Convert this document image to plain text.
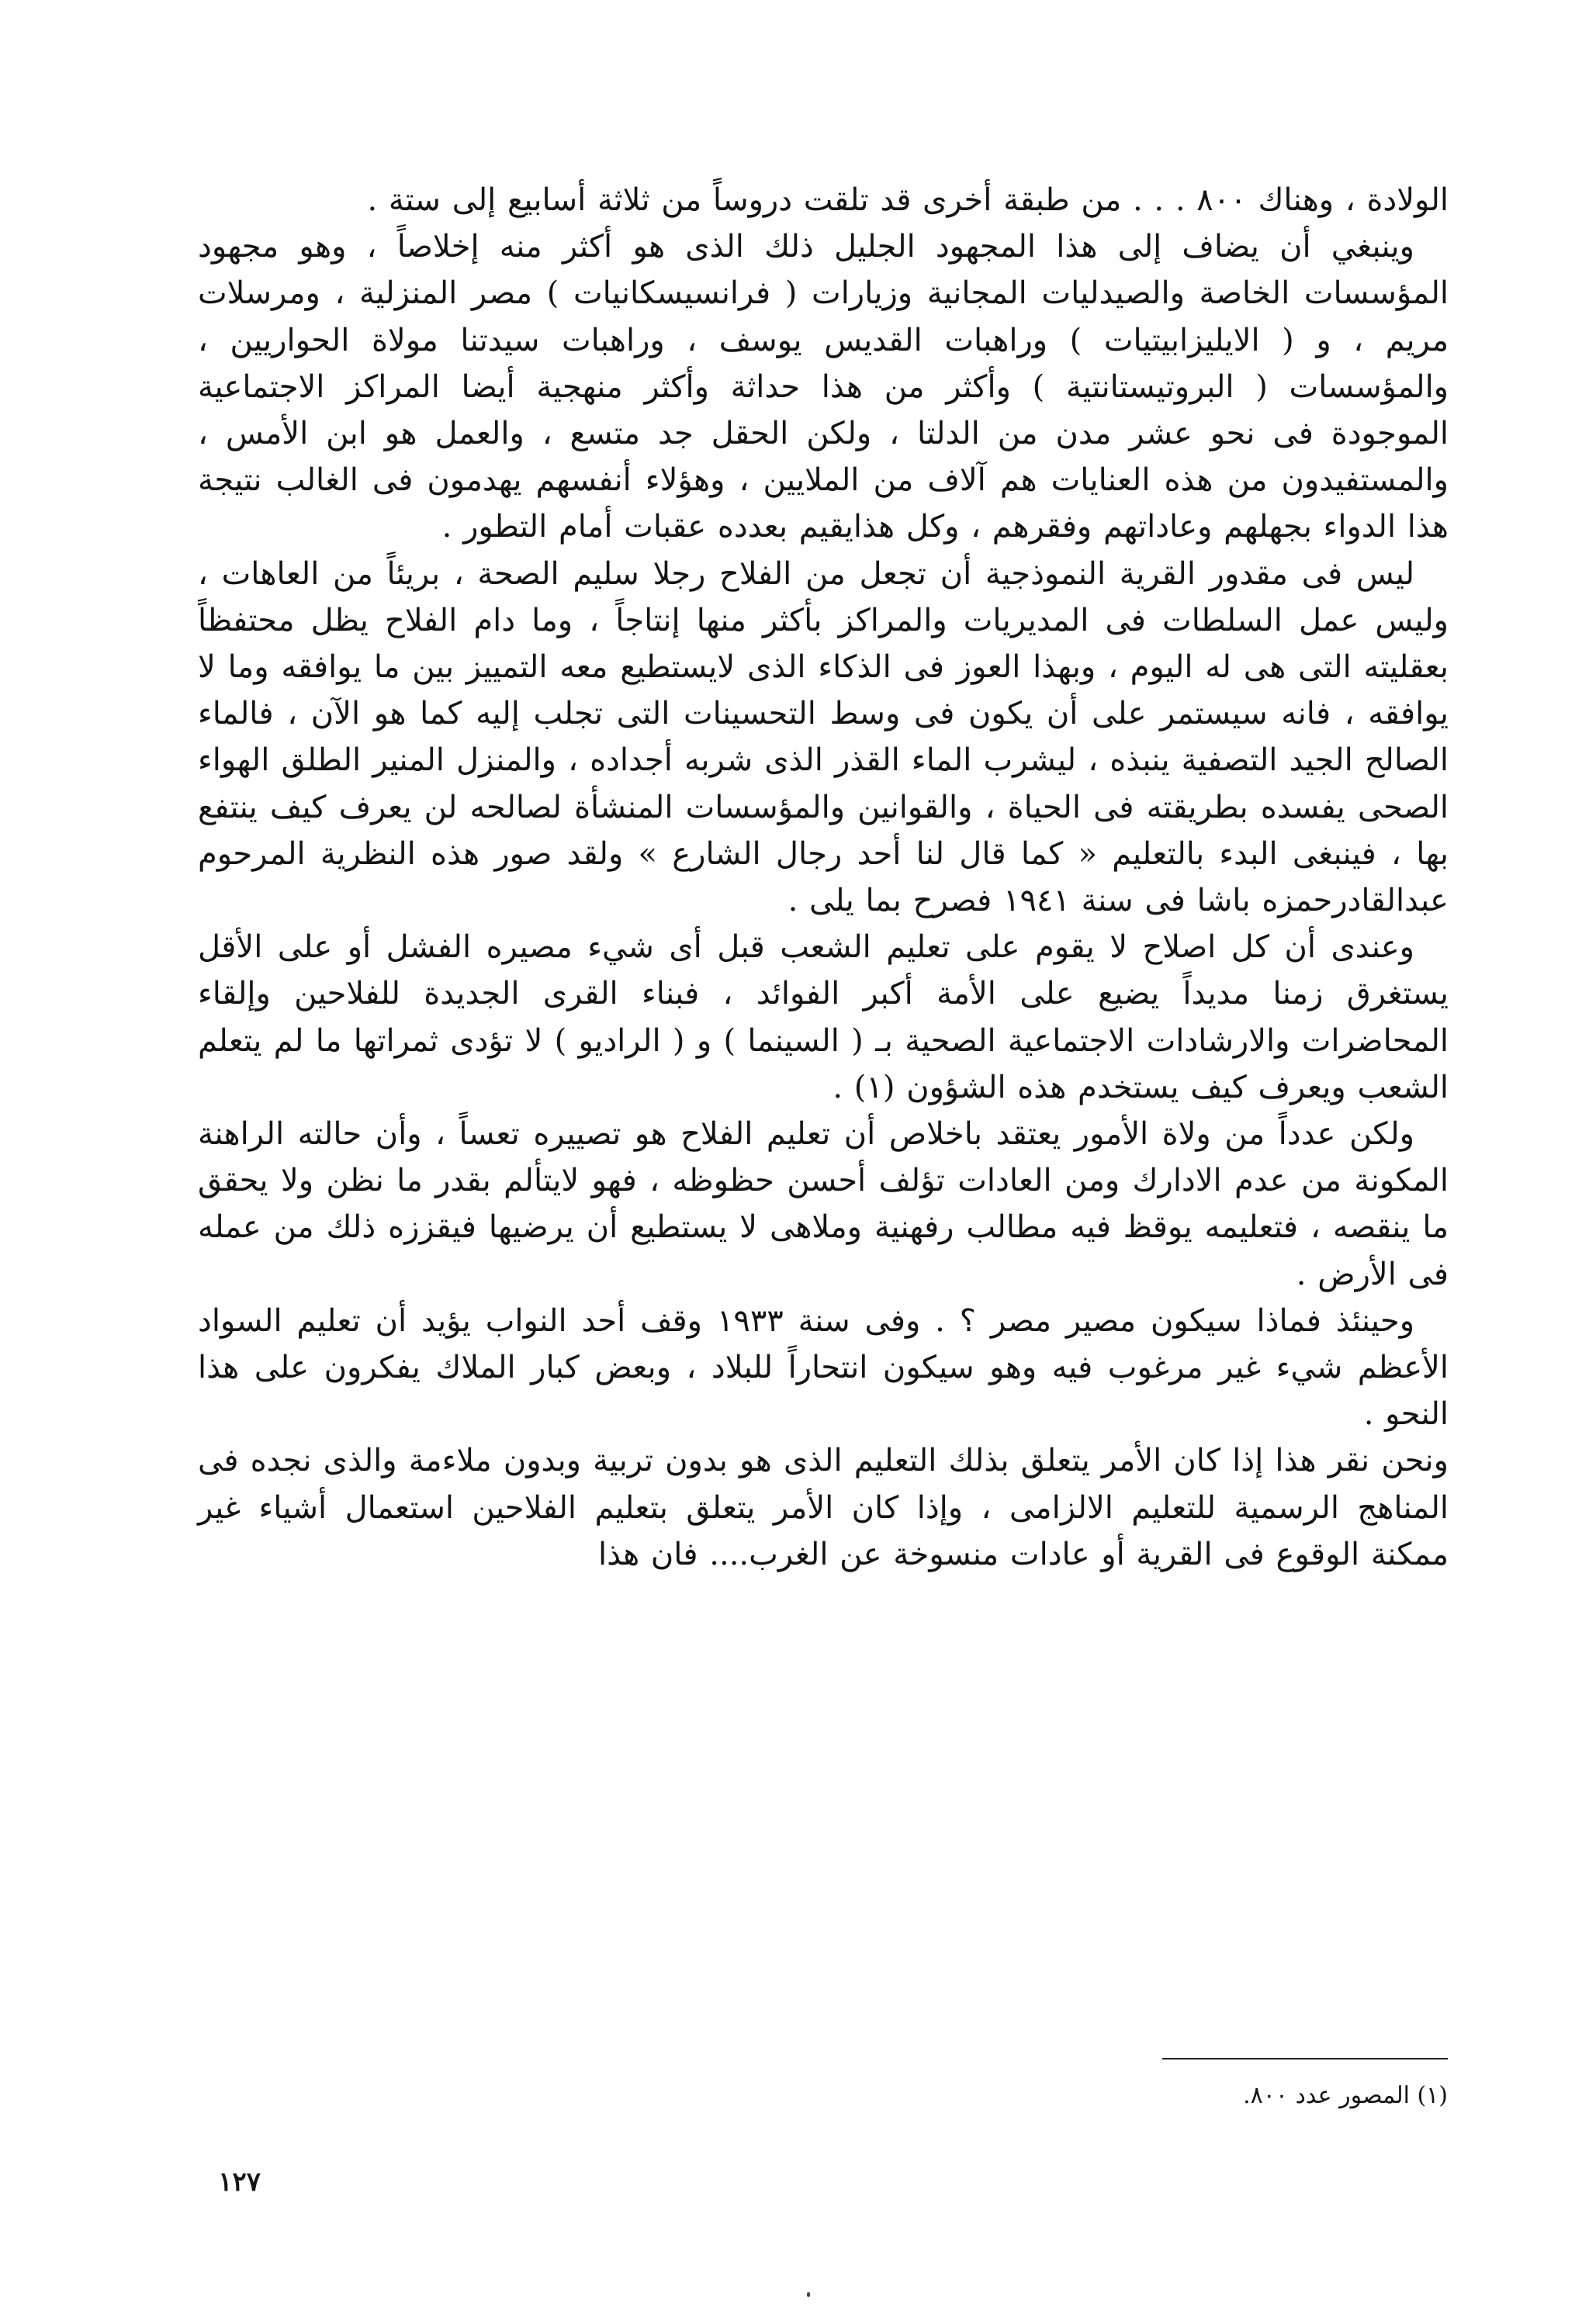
الولادة ، وهناك ۸۰۰ . . . من طبقة أخرى قد تلقت دروساً من ثلاثة أسابيع إلى ستة .

وينبغي أن يضاف إلى هذا المجهود الجليل ذلك الذى هو أكثر منه إخلاصاً ، وهو مجهود المؤسسات الخاصة والصيدليات المجانية وزيارات ( فرانسيسكانيات ) مصر المنزلية ، ومرسلات مريم ، و ( الايليزابيتيات ) وراهبات القديس يوسف ، وراهبات سيدتنا مولاة الحواريين ، والمؤسسات ( البروتيستانتية ) وأكثر من هذا حداثة وأكثر منهجية أيضا المراكز الاجتماعية الموجودة فى نحو عشر مدن من الدلتا ، ولكن الحقل جد متسع ، والعمل هو ابن الأمس ، والمستفيدون من هذه العنايات هم آلاف من الملايين ، وهؤلاء أنفسهم يهدمون فى الغالب نتيجة هذا الدواء بجهلهم وعاداتهم وفقرهم ، وكل هذايقيم بعدده عقبات أمام التطور .

ليس فى مقدور القرية النموذجية أن تجعل من الفلاح رجلا سليم الصحة ، بريئاً من العاهات ، وليس عمل السلطات فى المديريات والمراكز بأكثر منها إنتاجاً ، وما دام الفلاح يظل محتفظاً بعقليته التى هى له اليوم ، وبهذا العوز فى الذكاء الذى لايستطيع معه التمييز بين ما يوافقه وما لا يوافقه ، فانه سيستمر على أن يكون فى وسط التحسينات التى تجلب إليه كما هو الآن ، فالماء الصالح الجيد التصفية ينبذه ، ليشرب الماء القذر الذى شربه أجداده ، والمنزل المنير الطلق الهواء الصحى يفسده بطريقته فى الحياة ، والقوانين والمؤسسات المنشأة لصالحه لن يعرف كيف ينتفع بها ، فينبغى البدء بالتعليم « كما قال لنا أحد رجال الشارع » ولقد صور هذه النظرية المرحوم عبدالقادرحمزه باشا فى سنة ١٩٤١ فصرح بما يلى .

وعندى أن كل اصلاح لا يقوم على تعليم الشعب قبل أى شيء مصيره الفشل أو على الأقل يستغرق زمنا مديداً يضيع على الأمة أكبر الفوائد ، فبناء القرى الجديدة للفلاحين وإلقاء المحاضرات والارشادات الاجتماعية الصحية بـ ( السينما ) و ( الراديو ) لا تؤدى ثمراتها ما لم يتعلم الشعب ويعرف كيف يستخدم هذه الشؤون (١) .

ولكن عدداً من ولاة الأمور يعتقد باخلاص أن تعليم الفلاح هو تصييره تعساً ، وأن حالته الراهنة المكونة من عدم الادارك ومن العادات تؤلف أحسن حظوظه ، فهو لايتألم بقدر ما نظن ولا يحقق ما ينقصه ، فتعليمه يوقظ فيه مطالب رفهنية وملاهى لا يستطيع أن يرضيها فيقززه ذلك من عمله فى الأرض .

وحينئذ فماذا سيكون مصير مصر ؟ . وفى سنة ١٩٣٣ وقف أحد النواب يؤيد أن تعليم السواد الأعظم شيء غير مرغوب فيه وهو سيكون انتحاراً للبلاد ، وبعض كبار الملاك يفكرون على هذا النحو .

ونحن نقر هذا إذا كان الأمر يتعلق بذلك التعليم الذى هو بدون تربية وبدون ملاءمة والذى نجده فى المناهج الرسمية للتعليم الالزامى ، وإذا كان الأمر يتعلق بتعليم الفلاحين استعمال أشياء غير ممكنة الوقوع فى القرية أو عادات منسوخة عن الغرب.... فان هذا

(١) المصور عدد ٨٠٠.
١٢٧
